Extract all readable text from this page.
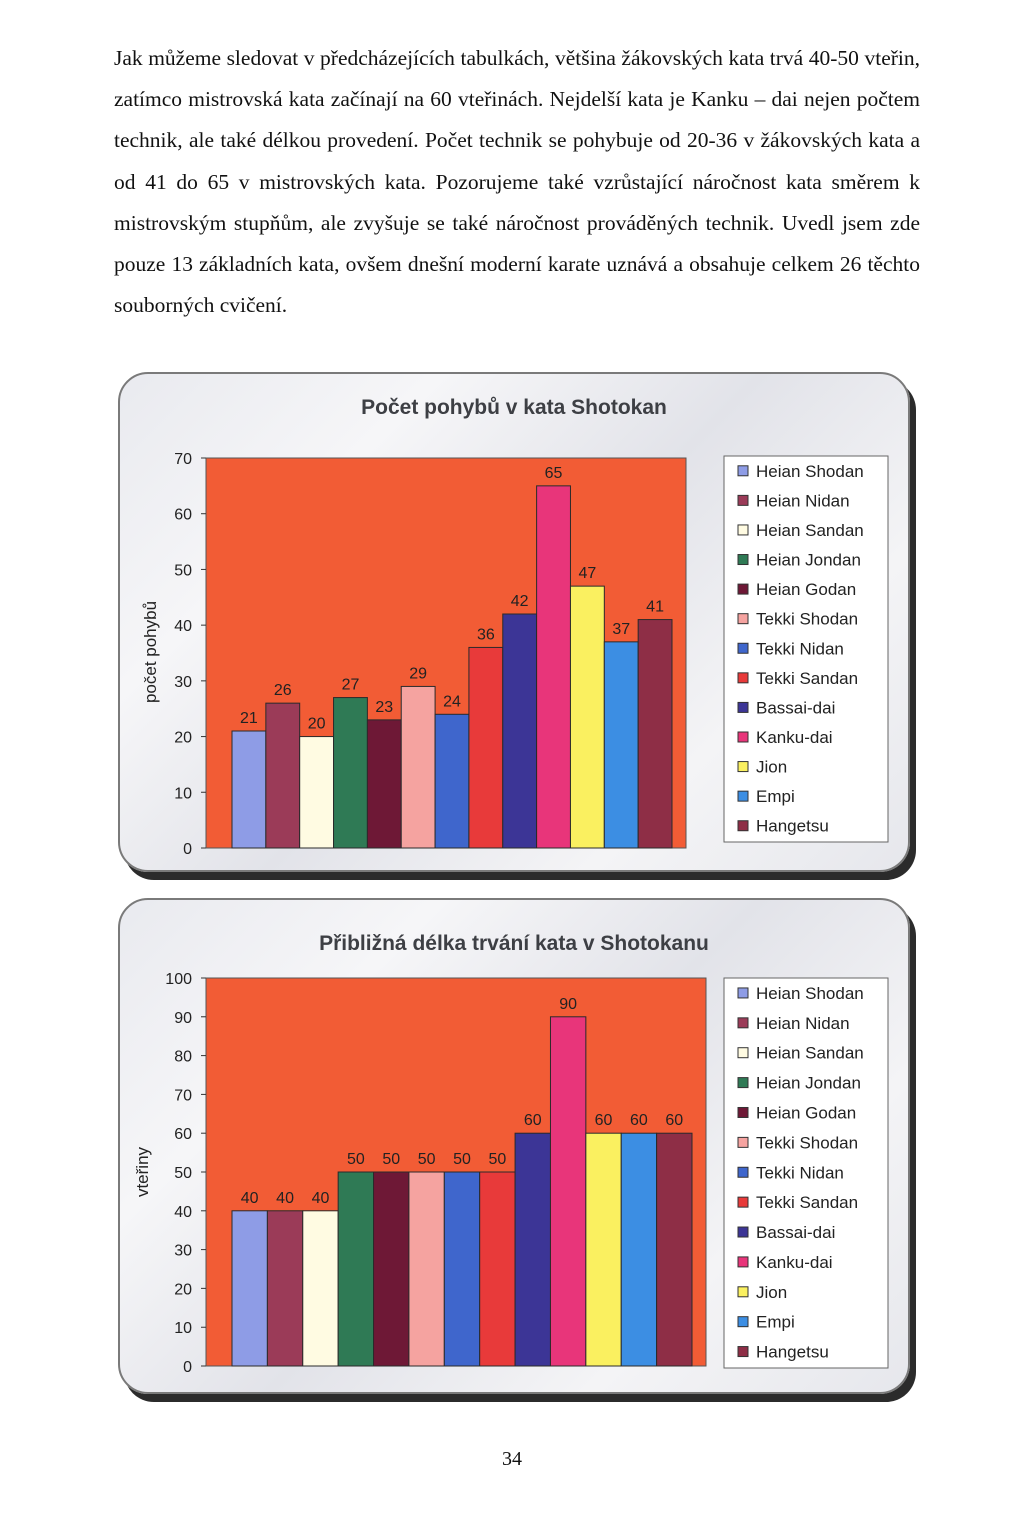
Jak můžeme sledovat v předcházejících tabulkách, většina žákovských kata trvá 40-50 vteřin, zatímco mistrovská kata začínají na 60 vteřinách. Nejdelší kata je Kanku – dai nejen počtem technik, ale také délkou provedení. Počet technik se pohybuje od 20-36 v žákovských kata a od 41 do 65 v mistrovských kata. Pozorujeme také vzrůstající náročnost kata směrem k mistrovským stupňům, ale zvyšuje se také náročnost prováděných technik. Uvedl jsem zde pouze 13 základních kata, ovšem dnešní moderní karate uznává a obsahuje celkem 26 těchto souborných cvičení.

Počet pohybů v kata Shotokan
0
10
20
30
40
50
60
70
počet pohybů
21
26
20
27
23
29
24
36
42
65
47
37
41
Heian Shodan
Heian Nidan
Heian Sandan
Heian Jondan
Heian Godan
Tekki Shodan
Tekki Nidan
Tekki Sandan
Bassai-dai
Kanku-dai
Jion
Empi
Hangetsu
Přibližná délka trvání kata v Shotokanu
0
10
20
30
40
50
60
70
80
90
100
vteřiny
40 40 40
50 50 50 50 50
60
90
60 60 60
Heian Shodan
Heian Nidan
Heian Sandan
Heian Jondan
Heian Godan
Tekki Shodan
Tekki Nidan
Tekki Sandan
Bassai-dai
Kanku-dai
Jion
Empi
Hangetsu
34
